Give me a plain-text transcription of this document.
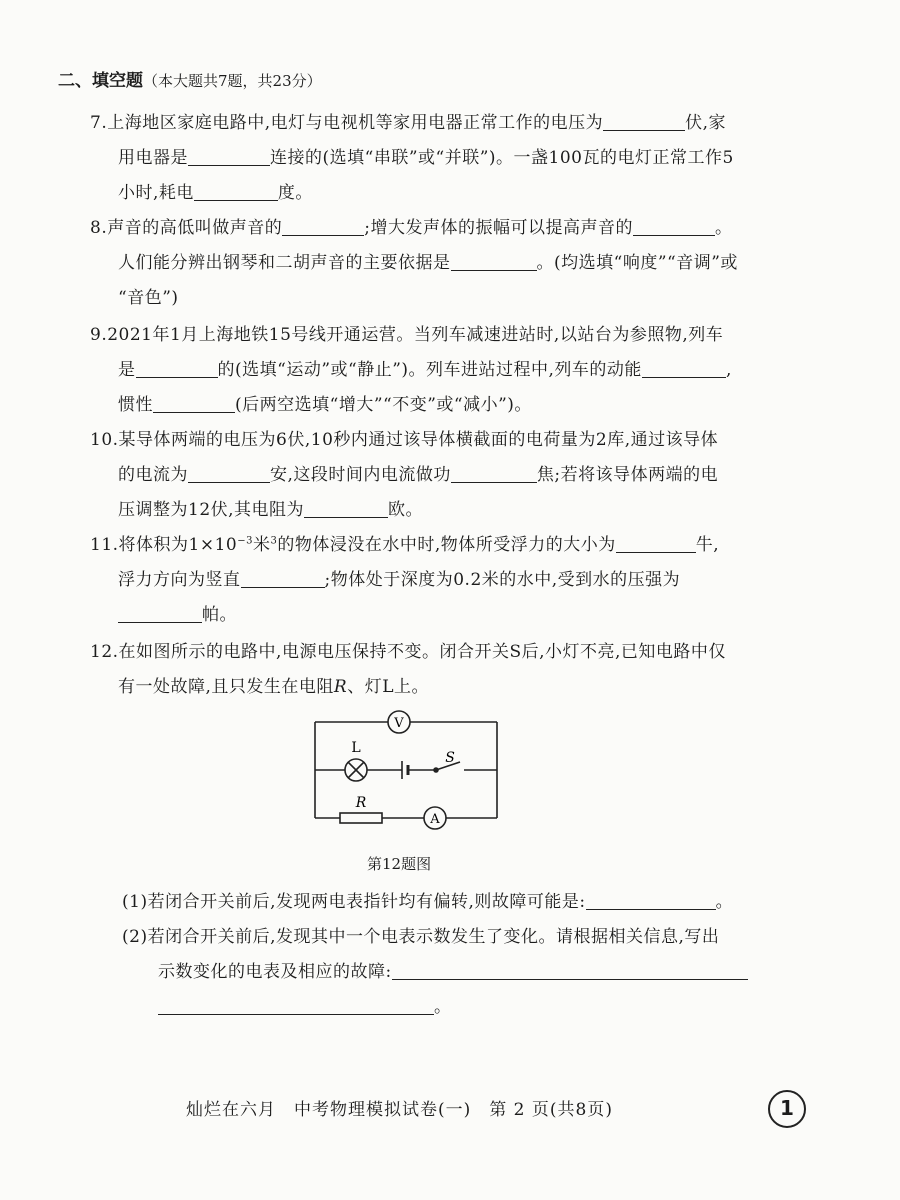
二、填空题（本大题共7题，共23分）
7.上海地区家庭电路中,电灯与电视机等家用电器正常工作的电压为	伏,家
用电器是	连接的(选填“串联”或“并联”)。一盏100瓦的电灯正常工作5
小时,耗电	度。
8.声音的高低叫做声音的	;增大发声体的振幅可以提高声音的	。
人们能分辨出钢琴和二胡声音的主要依据是	。(均选填“响度”“音调”或
“音色”)
9.2021年1月上海地铁15号线开通运营。当列车减速进站时,以站台为参照物,列车
是	的(选填“运动”或“静止”)。列车进站过程中,列车的动能	,
惯性	(后两空选填“增大”“不变”或“减小”)。
10.某导体两端的电压为6伏,10秒内通过该导体横截面的电荷量为2库,通过该导体
的电流为	安,这段时间内电流做功	焦;若将该导体两端的电
压调整为12伏,其电阻为	欧。
11.将体积为$1\times 10^{-3}$米$^3$的物体浸没在水中时,物体所受浮力的大小为	牛,
浮力方向为竖直	;物体处于深度为0.2米的水中,受到水的压强为
帕。
12.在如图所示的电路中,电源电压保持不变。闭合开关S后,小灯不亮,已知电路中仅
有一处故障,且只发生在电阻R、灯L上。
V
L
S
R
A
第12题图
(1)若闭合开关前后,发现两电表指针均有偏转,则故障可能是:	。
(2)若闭合开关前后,发现其中一个电表示数发生了变化。请根据相关信息,写出
示数变化的电表及相应的故障:
。
灿烂在六月　中考物理模拟试卷(一)　第 2 页(共8页)	1
